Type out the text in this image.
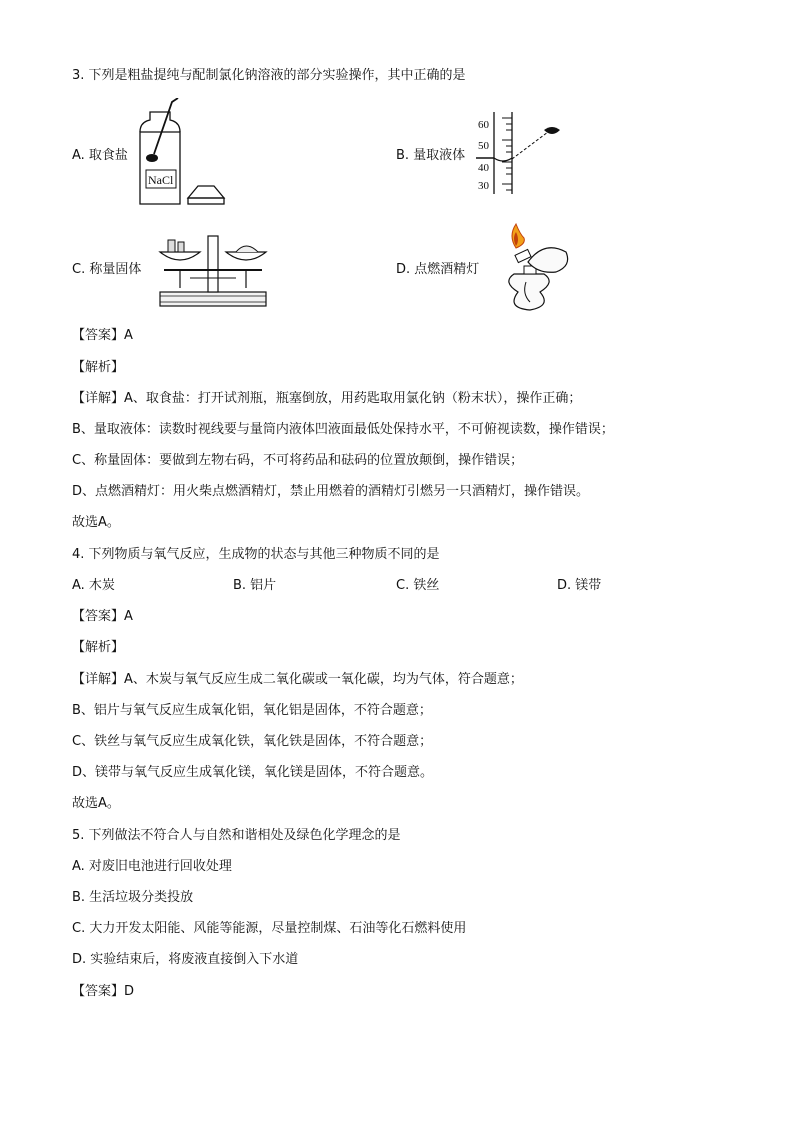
3. 下列是粗盐提纯与配制氯化钠溶液的部分实验操作，其中正确的是
A. 取食盐
NaCl
B. 量取液体
60
50
40
30
C. 称量固体	D. 点燃酒精灯
【答案】A
【解析】
【详解】A、取食盐：打开试剂瓶，瓶塞倒放，用药匙取用氯化钠（粉末状），操作正确；
B、量取液体：读数时视线要与量筒内液体凹液面最低处保持水平，不可俯视读数，操作错误；
C、称量固体：要做到左物右码，不可将药品和砝码的位置放颠倒，操作错误；
D、点燃酒精灯：用火柴点燃酒精灯，禁止用燃着的酒精灯引燃另一只酒精灯，操作错误。
故选A。
4. 下列物质与氧气反应，生成物的状态与其他三种物质不同的是
A. 木炭	B. 铝片	C. 铁丝	D. 镁带
【答案】A
【解析】
【详解】A、木炭与氧气反应生成二氧化碳或一氧化碳，均为气体，符合题意；
B、铝片与氧气反应生成氧化铝，氧化铝是固体，不符合题意；
C、铁丝与氧气反应生成氧化铁，氧化铁是固体，不符合题意；
D、镁带与氧气反应生成氧化镁，氧化镁是固体，不符合题意。
故选A。
5. 下列做法不符合人与自然和谐相处及绿色化学理念的是
A. 对废旧电池进行回收处理
B. 生活垃圾分类投放
C. 大力开发太阳能、风能等能源，尽量控制煤、石油等化石燃料使用
D. 实验结束后，将废液直接倒入下水道
【答案】D
